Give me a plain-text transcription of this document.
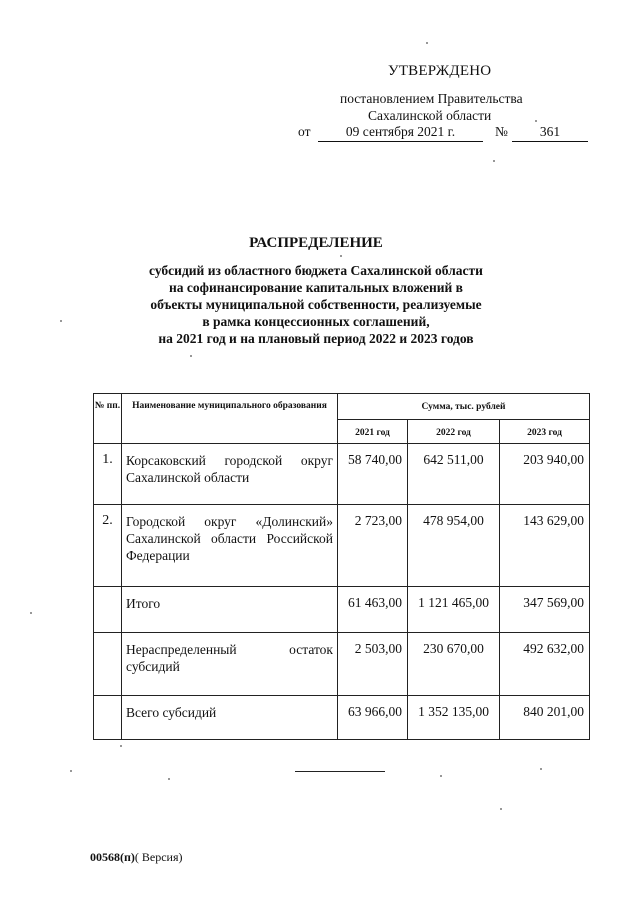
УТВЕРЖДЕНО
постановлением Правительства
Сахалинской области
от	09 сентября 2021 г.	№	361
РАСПРЕДЕЛЕНИЕ
субсидий из областного бюджета Сахалинской области
на софинансирование капитальных вложений в
объекты муниципальной собственности, реализуемые
в рамка концессионных соглашений,
на 2021 год и на плановый период 2022 и 2023 годов
№ пп.	Наименование муниципального образования	Сумма, тыс. рублей		
		2021 год	2022 год	2023 год
1.	Корсаковский городской округ Сахалинской области	58 740,00	642 511,00	203 940,00
2.	Городской округ «Долинский» Сахалинской области Российской Федерации	2 723,00	478 954,00	143 629,00
	Итого	61 463,00	1 121 465,00	347 569,00
	Нераспределенный остаток субсидий	2 503,00	230 670,00	492 632,00
	Всего субсидий	63 966,00	1 352 135,00	840 201,00
00568(п)( Версия)
